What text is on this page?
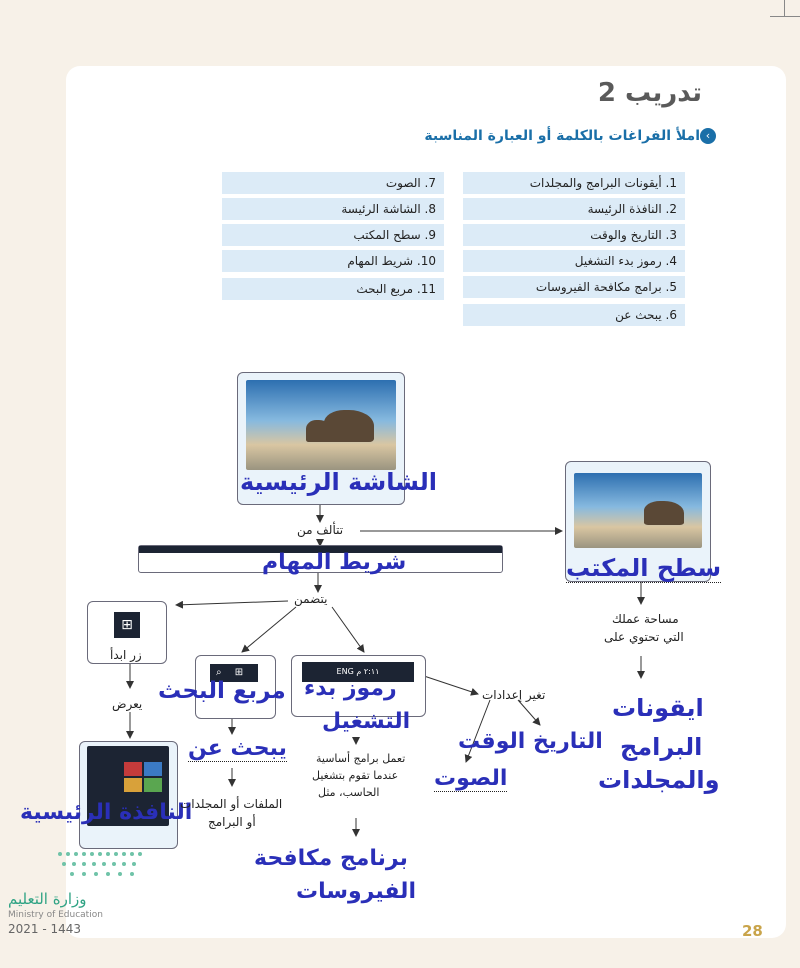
تدريب 2
‹
املأ الفراغات بالكلمة أو العبارة المناسبة
1. أيقونات البرامج والمجلدات
2. النافذة الرئيسة
3. التاريخ والوقت
4. رموز بدء التشغيل
5. برامج مكافحة الفيروسات
6. يبحث عن
7. الصوت
8. الشاشة الرئيسة
9. سطح المكتب
10. شريط المهام
11. مربع البحث
الشاشة الرئيسية
تتألف من
شريط المهام	سطح المكتب
يتضمن
⊞
زر ابدأ
يعرض
النافذة الرئيسية
⌕ ⊞
مربع البحث
يبحث عن
الملفات أو المجلدات
أو البرامج
ENG ٢:١١ م
رموز بدء
التشغيل
تعمل برامج أساسية
عندما تقوم بتشغيل
الحاسب، مثل
برنامج مكافحة
الفيروسات
تغير إعدادات
التاريخ الوقت
الصوت
مساحة عملك
التي تحتوي على
ايقونات
البرامج
والمجلدات
وزارة التعليم
Ministry of Education
2021 - 1443	28
